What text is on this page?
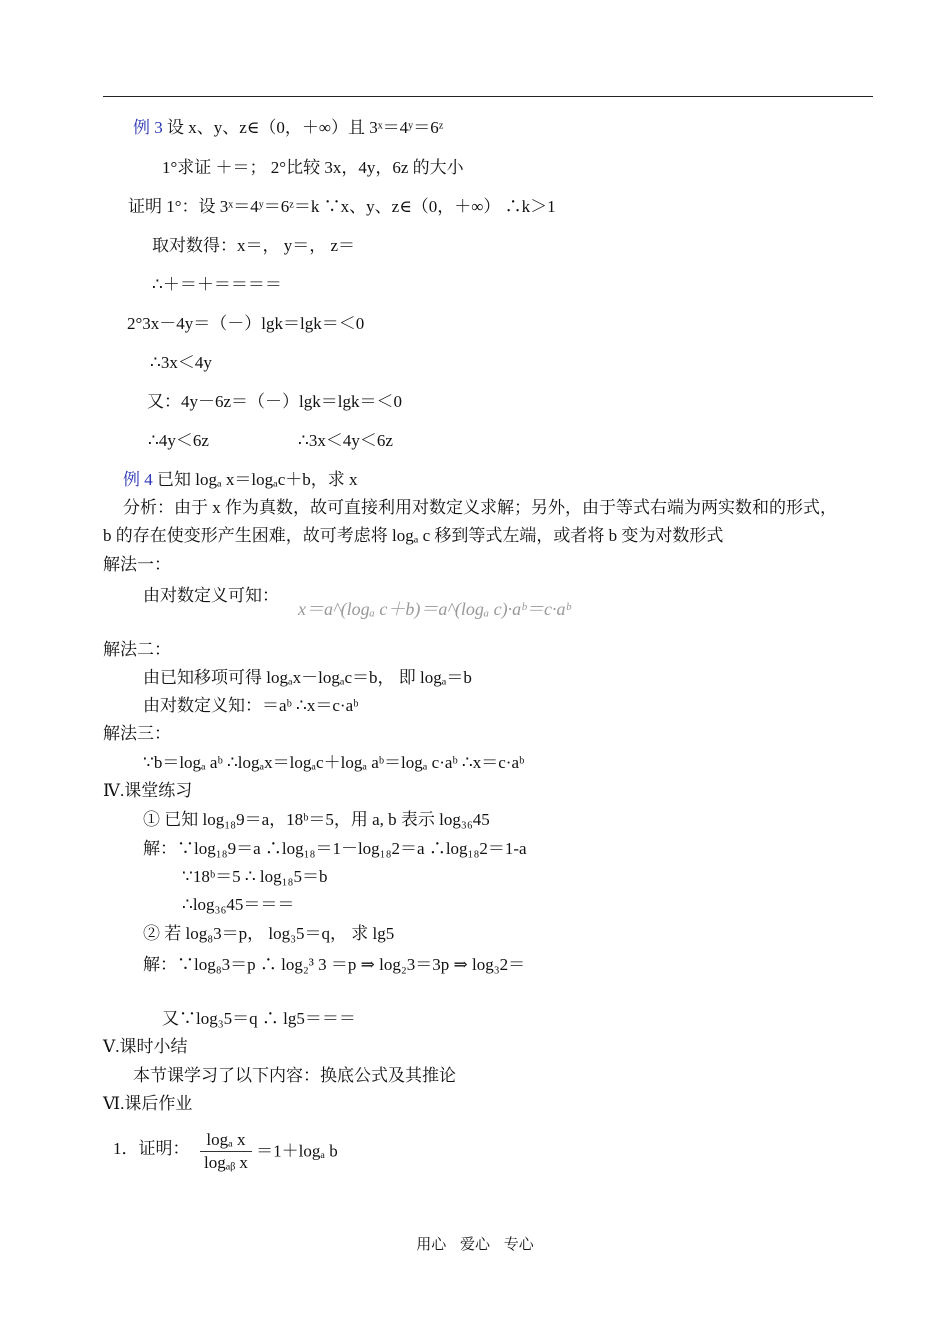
例 3 设 x、y、z∈（0，＋∞）且 3ˣ＝4ʸ＝6ᶻ
1°求证 ＋＝； 2°比较 3x，4y，6z 的大小
证明 1°：设 3ˣ＝4ʸ＝6ᶻ＝k ∵x、y、z∈（0，＋∞） ∴k＞1
取对数得：x＝， y＝， z＝
∴＋＝＋＝＝＝＝
2°3x－4y＝（－）lgk＝lgk＝＜0
∴3x＜4y
又：4y－6z＝（－）lgk＝lgk＝＜0
∴4y＜6z	∴3x＜4y＜6z
例 4 已知 logₐ x＝logₐc＋b，求 x
分析：由于 x 作为真数，故可直接利用对数定义求解；另外，由于等式右端为两实数和的形式，
b 的存在使变形产生困难，故可考虑将 logₐ c 移到等式左端，或者将 b 变为对数形式
解法一：
由对数定义可知：
x＝a^(logₐ c＋b)＝a^(logₐ c)·aᵇ＝c·aᵇ
解法二：
由已知移项可得 logₐx－logₐc＝b， 即 logₐ＝b
由对数定义知：＝aᵇ ∴x＝c·aᵇ
解法三：
∵b＝logₐ aᵇ ∴logₐx＝logₐc＋logₐ aᵇ＝logₐ c·aᵇ ∴x＝c·aᵇ
Ⅳ.课堂练习
① 已知 log₁₈9＝a，18ᵇ＝5，用 a, b 表示 log₃₆45
解：∵log₁₈9＝a ∴log₁₈＝1－log₁₈2＝a ∴log₁₈2＝1-a
∵18ᵇ＝5 ∴ log₁₈5＝b
∴log₃₆45＝＝＝
② 若 log₈3＝p， log₃5＝q， 求 lg5
解：∵log₈3＝p ∴ log₂³ 3 ＝p ⇒ log₂3＝3p ⇒ log₃2＝
又∵log₃5＝q ∴ lg5＝＝＝
Ⅴ.课时小结
本节课学习了以下内容：换底公式及其推论
Ⅵ.课后作业
1．证明： $\frac{\text{logₐ x}}{\text{logₐᵦ x}} =1+\log_a$ b
用心 爱心 专心
